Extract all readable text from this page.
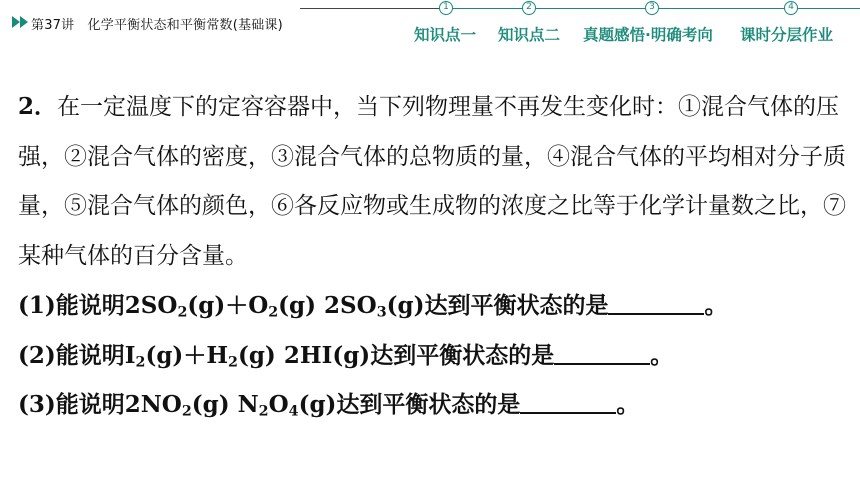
第37讲　化学平衡状态和平衡常数(基础课)
1	2	3	4
知识点一 知识点二 真题感悟·明确考向 课时分层作业

2．在一定温度下的定容容器中，当下列物理量不再发生变化时：①混合气体的压强，②混合气体的密度，③混合气体的总物质的量，④混合气体的平均相对分子质量，⑤混合气体的颜色，⑥各反应物或生成物的浓度之比等于化学计量数之比，⑦某种气体的百分含量。

(1)能说明$2SO_2(g)+O_2(g)$ $2SO_3(g)$达到平衡状态的是	。

(2)能说明$I_2(g)+H_2(g)$ 2HI(g)达到平衡状态的是	。

(3)能说明$2NO_2(g)$ $N_2O_4(g)$达到平衡状态的是	。
